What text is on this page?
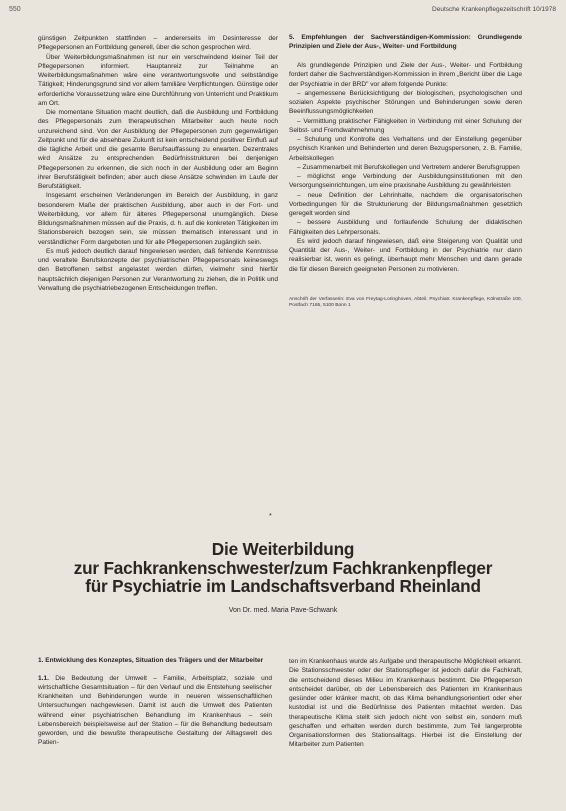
550	Deutsche Krankenpflegezeitschrift 10/1978

günstigen Zeitpunkten stattfinden – andererseits im Desinteresse der Pflegepersonen an Fortbildung generell, über die schon gesprochen wird.

Über Weiterbildungsmaßnahmen ist nur ein verschwindend kleiner Teil der Pflegepersonen informiert. Hauptanreiz zur Teilnahme an Weiterbildungsmaßnahmen wäre eine verantwortungsvolle und selbständige Tätigkeit; Hinderungsgrund sind vor allem familiäre Verpflichtungen. Günstige oder erforderliche Voraussetzung wäre eine Durchführung von Unterricht und Praktikum am Ort.

Die momentane Situation macht deutlich, daß die Ausbildung und Fortbildung des Pflegepersonals zum therapeutischen Mitarbeiter auch heute noch unzureichend sind. Von der Ausbildung der Pflegepersonen zum gegenwärtigen Zeitpunkt und für die absehbare Zukunft ist kein entscheidend positiver Einfluß auf die tägliche Arbeit und die gesamte Berufsauffassung zu erwarten. Dezentrales wird Ansätze zu entsprechenden Bedürfnisstrukturen bei denjenigen Pflegepersonen zu erkennen, die sich noch in der Ausbildung oder am Beginn ihrer Berufstätigkeit befinden; aber auch diese Ansätze schwinden im Laufe der Berufstätigkeit.

Insgesamt erscheinen Veränderungen im Bereich der Ausbildung, in ganz besonderem Maße der praktischen Ausbildung, aber auch in der Fort- und Weiterbildung, vor allem für älteres Pflegepersonal unumgänglich. Diese Bildungsmaßnahmen müssen auf die Praxis, d. h. auf die konkreten Tätigkeiten im Stationsbereich bezogen sein, sie müssen thematisch interessant und in verständlicher Form dargeboten und für alle Pflegepersonen zugänglich sein.

Es muß jedoch deutlich darauf hingewiesen werden, daß fehlende Kenntnisse und veraltete Berufskonzepte der psychiatrischen Pflegepersonals keineswegs den Betroffenen selbst angelastet werden dürfen, vielmehr sind hierfür hauptsächlich diejenigen Personen zur Verantwortung zu ziehen, die in Politik und Verwaltung die psychiatriebezogenen Entscheidungen treffen.

5. Empfehlungen der Sachverständigen-Kommission: Grundlegende Prinzipien und Ziele der Aus-, Weiter- und Fortbildung

Als grundlegende Prinzipien und Ziele der Aus-, Weiter- und Fortbildung fordert daher die Sachverständigen-Kommission in ihrem „Bericht über die Lage der Psychiatrie in der BRD" vor allem folgende Punkte:

– angemessene Berücksichtigung der biologischen, psychologischen und sozialen Aspekte psychischer Störungen und Behinderungen sowie deren Beeinflussungsmöglichkeiten

– Vermittlung praktischer Fähigkeiten in Verbindung mit einer Schulung der Selbst- und Fremdwahrnehmung

– Schulung und Kontrolle des Verhaltens und der Einstellung gegenüber psychisch Kranken und Behinderten und deren Bezugspersonen, z. B. Familie, Arbeitskollegen

– Zusammenarbeit mit Berufskollegen und Vertretern anderer Berufsgruppen

– möglichst enge Verbindung der Ausbildungsinstitutionen mit den Versorgungseinrichtungen, um eine praxisnahe Ausbildung zu gewährleisten

– neue Definition der Lehrinhalte, nachdem die organisatorischen Vorbedingungen für die Strukturierung der Bildungsmaßnahmen gesetzlich geregelt worden sind

– bessere Ausbildung und fortlaufende Schulung der didaktischen Fähigkeiten des Lehrpersonals.

Es wird jedoch darauf hingewiesen, daß eine Steigerung von Qualität und Quantität der Aus-, Weiter- und Fortbildung in der Psychiatrie nur dann realisierbar ist, wenn es gelingt, überhaupt mehr Menschen und dann gerade die für diesen Bereich geeigneten Personen zu motivieren.

Anschrift der Verfasserin: Eva von Freytag-Loringhoven, Abteil. Psychiatr. Krankenpflege, Kölnstraße 100, Postfach 7165, 5100 Bonn 1
*
Die Weiterbildung
zur Fachkrankenschwester/zum Fachkrankenpfleger
für Psychiatrie im Landschaftsverband Rheinland
Von Dr. med. Maria Pave-Schwank
1. Entwicklung des Konzeptes, Situation des Trägers und der Mitarbeiter

1.1. Die Bedeutung der Umwelt – Familie, Arbeitsplatz, soziale und wirtschaftliche Gesamtsituation – für den Verlauf und die Entstehung seelischer Krankheiten und Behinderungen wurde in neueren wissenschaftlichen Untersuchungen nachgewiesen. Damit ist auch die Umwelt des Patienten während einer psychiatrischen Behandlung im Krankenhaus – sein Lebensbereich beispielsweise auf der Station – für die Behandlung bedeutsam geworden, und die bewußte therapeutische Gestaltung der Alltagswelt des Patien-

ten im Krankenhaus wurde als Aufgabe und therapeutische Möglichkeit erkannt. Die Stationsschwester oder der Stationspfleger ist jedoch dafür die Fachkraft, die entscheidend dieses Milieu im Krankenhaus bestimmt. Die Pflegeperson entscheidet darüber, ob der Lebensbereich des Patienten im Krankenhaus gesünder oder kränker macht, ob das Klima behandlungsorientiert oder eher kustodial ist und die Bedürfnisse des Patienten mitachtet werden. Das therapeutische Klima stellt sich jedoch nicht von selbst ein, sondern muß geschaffen und erhalten werden durch bestimmte, zum Teil langerprobte Organisationsformen des Stationsalltags. Hierbei ist die Einstellung der Mitarbeiter zum Patienten
